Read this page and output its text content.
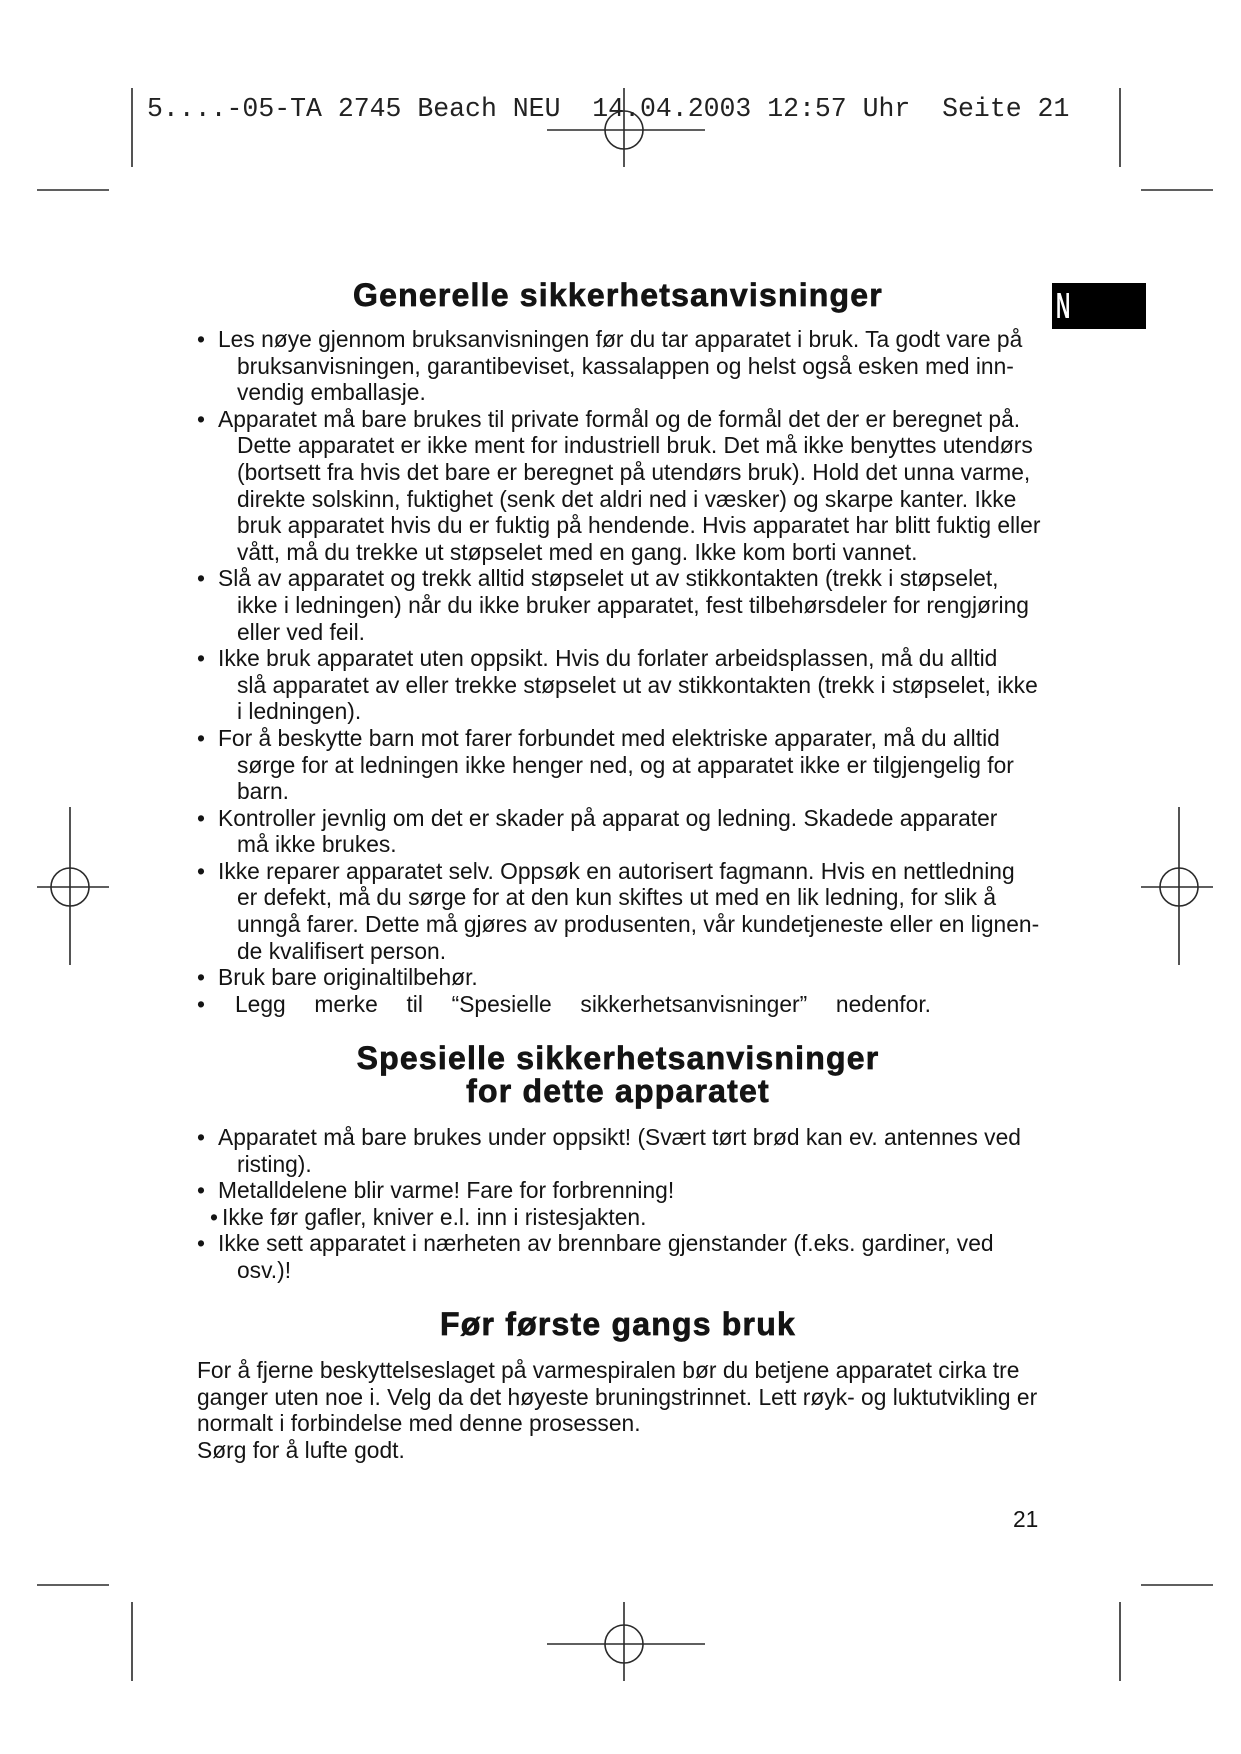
5....-05-TA 2745 Beach NEU  14.04.2003 12:57 Uhr  Seite 21
N
Generelle sikkerhetsanvisninger
• Les nøye gjennom bruksanvisningen før du tar apparatet i bruk. Ta godt vare på
bruksanvisningen, garantibeviset, kassalappen og helst også esken med inn-
vendig emballasje.
• Apparatet må bare brukes til private formål og de formål det der er beregnet på.
Dette apparatet er ikke ment for industriell bruk. Det må ikke benyttes utendørs
(bortsett fra hvis det bare er beregnet på utendørs bruk). Hold det unna varme,
direkte solskinn, fuktighet (senk det aldri ned i væsker) og skarpe kanter. Ikke
bruk apparatet hvis du er fuktig på hendende. Hvis apparatet har blitt fuktig eller
vått, må du trekke ut støpselet med en gang. Ikke kom borti vannet.
• Slå av apparatet og trekk alltid støpselet ut av stikkontakten (trekk i støpselet,
ikke i ledningen) når du ikke bruker apparatet, fest tilbehørsdeler for rengjøring
eller ved feil.
• Ikke bruk apparatet uten oppsikt. Hvis du forlater arbeidsplassen, må du alltid
slå apparatet av eller trekke støpselet ut av stikkontakten (trekk i støpselet, ikke
i ledningen).
• For å beskytte barn mot farer forbundet med elektriske apparater, må du alltid
sørge for at ledningen ikke henger ned, og at apparatet ikke er tilgjengelig for
barn.
• Kontroller jevnlig om det er skader på apparat og ledning. Skadede apparater
må ikke brukes.
• Ikke reparer apparatet selv. Oppsøk en autorisert fagmann. Hvis en nettledning
er defekt, må du sørge for at den kun skiftes ut med en lik ledning, for slik å
unngå farer. Dette må gjøres av produsenten, vår kundetjeneste eller en lignen-
de kvalifisert person.
• Bruk bare originaltilbehør.
• Legg merke til “Spesielle sikkerhetsanvisninger” nedenfor.
Spesielle sikkerhetsanvisninger
for dette apparatet
• Apparatet må bare brukes under oppsikt! (Svært tørt brød kan ev. antennes ved
risting).
• Metalldelene blir varme! Fare for forbrenning!
• Ikke før gafler, kniver e.l. inn i ristesjakten.
• Ikke sett apparatet i nærheten av brennbare gjenstander (f.eks. gardiner, ved
osv.)!
Før første gangs bruk
For å fjerne beskyttelseslaget på varmespiralen bør du betjene apparatet cirka tre
ganger uten noe i. Velg da det høyeste bruningstrinnet. Lett røyk- og luktutvikling er
normalt i forbindelse med denne prosessen.
Sørg for å lufte godt.
21
